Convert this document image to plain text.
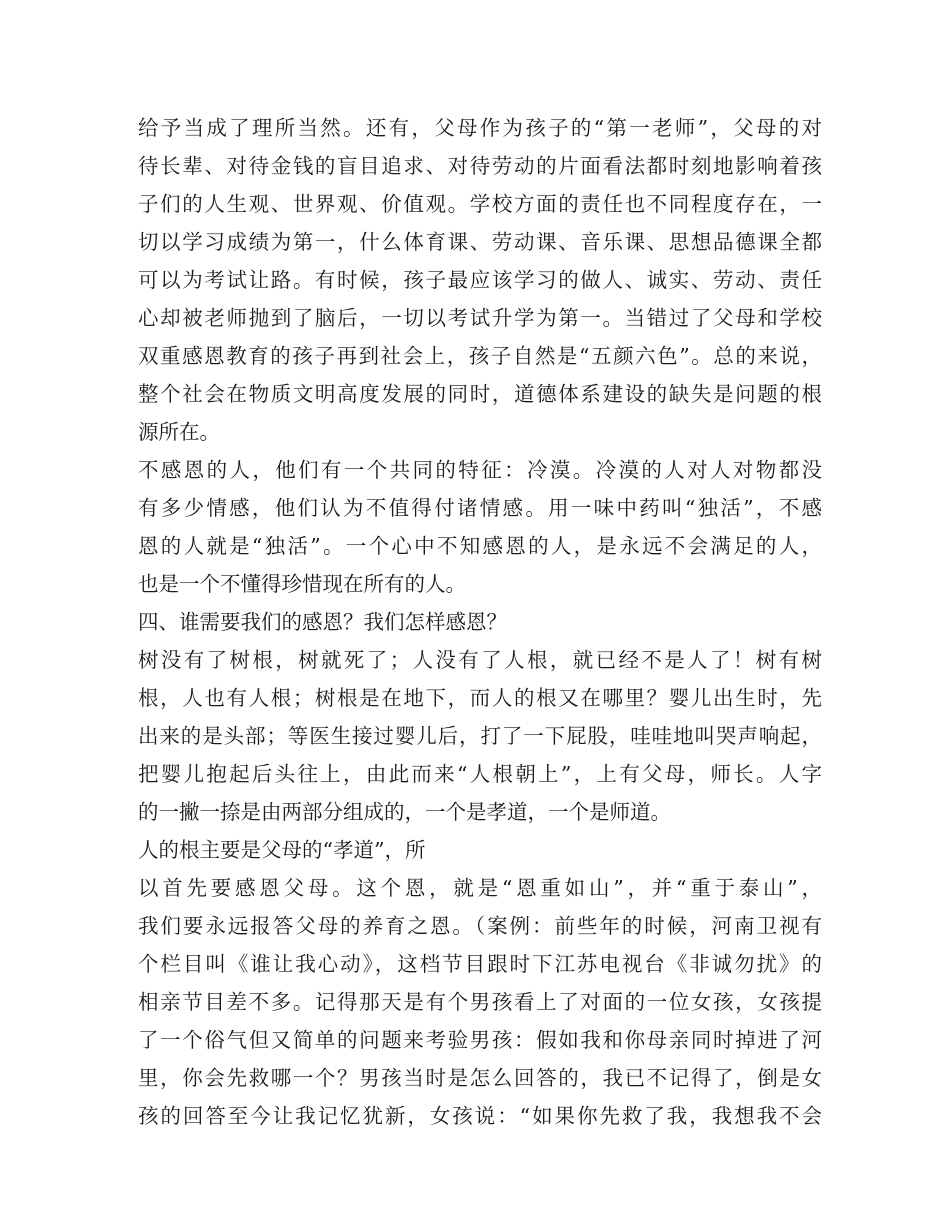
给予当成了理所当然。还有，父母作为孩子的“第一老师”，父母的对
待长辈、对待金钱的盲目追求、对待劳动的片面看法都时刻地影响着孩
子们的人生观、世界观、价值观。学校方面的责任也不同程度存在，一
切以学习成绩为第一，什么体育课、劳动课、音乐课、思想品德课全都
可以为考试让路。有时候，孩子最应该学习的做人、诚实、劳动、责任
心却被老师抛到了脑后，一切以考试升学为第一。当错过了父母和学校
双重感恩教育的孩子再到社会上，孩子自然是“五颜六色”。总的来说，
整个社会在物质文明高度发展的同时，道德体系建设的缺失是问题的根
源所在。
不感恩的人，他们有一个共同的特征：冷漠。冷漠的人对人对物都没
有多少情感，他们认为不值得付诸情感。用一味中药叫“独活”，不感
恩的人就是“独活”。一个心中不知感恩的人，是永远不会满足的人，
也是一个不懂得珍惜现在所有的人。
四、谁需要我们的感恩？我们怎样感恩？
树没有了树根，树就死了；人没有了人根，就已经不是人了！树有树
根，人也有人根；树根是在地下，而人的根又在哪里？婴儿出生时，先
出来的是头部；等医生接过婴儿后，打了一下屁股，哇哇地叫哭声响起，
把婴儿抱起后头往上，由此而来“人根朝上”，上有父母，师长。人字
的一撇一捺是由两部分组成的，一个是孝道，一个是师道。
人的根主要是父母的“孝道”，所
以首先要感恩父母。这个恩，就是“恩重如山”，并“重于泰山”，
我们要永远报答父母的养育之恩。（案例：前些年的时候，河南卫视有
个栏目叫《谁让我心动》，这档节目跟时下江苏电视台《非诚勿扰》的
相亲节目差不多。记得那天是有个男孩看上了对面的一位女孩，女孩提
了一个俗气但又简单的问题来考验男孩：假如我和你母亲同时掉进了河
里，你会先救哪一个？男孩当时是怎么回答的，我已不记得了，倒是女
孩的回答至今让我记忆犹新，女孩说：“如果你先救了我，我想我不会
